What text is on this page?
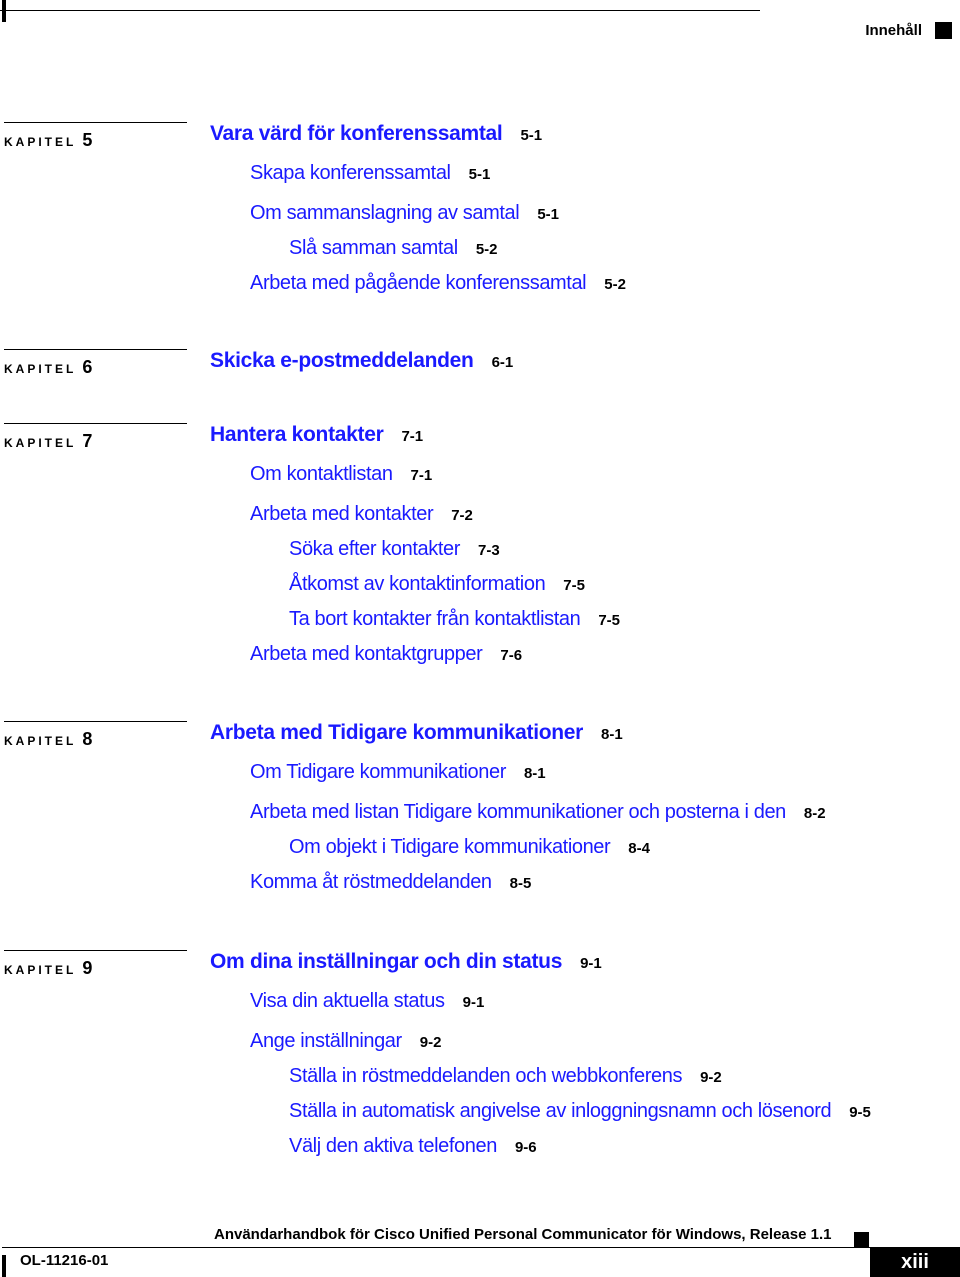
Innehåll
KAPITEL 5	Vara värd för konferenssamtal 5-1
Skapa konferenssamtal 5-1
Om sammanslagning av samtal 5-1
Slå samman samtal 5-2
Arbeta med pågående konferenssamtal 5-2
KAPITEL 6	Skicka e-postmeddelanden 6-1
KAPITEL 7	Hantera kontakter 7-1
Om kontaktlistan 7-1
Arbeta med kontakter 7-2
Söka efter kontakter 7-3
Åtkomst av kontaktinformation 7-5
Ta bort kontakter från kontaktlistan 7-5
Arbeta med kontaktgrupper 7-6
KAPITEL 8	Arbeta med Tidigare kommunikationer 8-1
Om Tidigare kommunikationer 8-1
Arbeta med listan Tidigare kommunikationer och posterna i den 8-2
Om objekt i Tidigare kommunikationer 8-4
Komma åt röstmeddelanden 8-5
KAPITEL 9	Om dina inställningar och din status 9-1
Visa din aktuella status 9-1
Ange inställningar 9-2
Ställa in röstmeddelanden och webbkonferens 9-2
Ställa in automatisk angivelse av inloggningsnamn och lösenord 9-5
Välj den aktiva telefonen 9-6
Användarhandbok för Cisco Unified Personal Communicator för Windows, Release 1.1
OL-11216-01	xiii
